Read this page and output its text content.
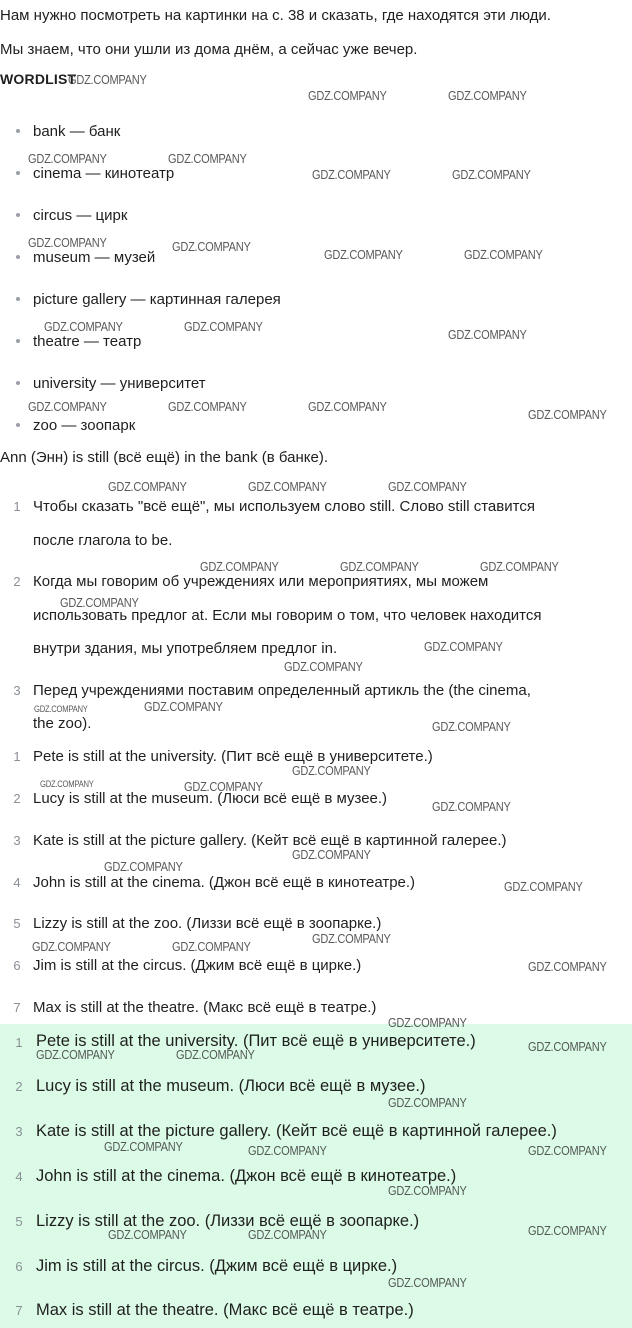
Нам нужно посмотреть на картинки на с. 38 и сказать, где находятся эти люди.
Мы знаем, что они ушли из дома днём, а сейчас уже вечер.
WORDLIST
bank — банк
cinema — кинотеатр
circus — цирк
museum — музей
picture gallery — картинная галерея
theatre — театр
university — университет
zoo — зоопарк
Ann (Энн) is still (всё ещё) in the bank (в банке).
1 Чтобы сказать "всё ещё", мы используем слово still. Слово still ставится
после глагола to be.
2 Когда мы говорим об учреждениях или мероприятиях, мы можем
использовать предлог at. Если мы говорим о том, что человек находится
внутри здания, мы употребляем предлог in.
3 Перед учреждениями поставим определенный артикль the (the cinema,
the zoo).
1 Pete is still at the university. (Пит всё ещё в университете.)
2 Lucy is still at the museum. (Люси всё ещё в музее.)
3 Kate is still at the picture gallery. (Кейт всё ещё в картинной галерее.)
4 John is still at the cinema. (Джон всё ещё в кинотеатре.)
5 Lizzy is still at the zoo. (Лиззи всё ещё в зоопарке.)
6 Jim is still at the circus. (Джим всё ещё в цирке.)
7 Max is still at the theatre. (Макс всё ещё в театре.)
1 Pete is still at the university. (Пит всё ещё в университете.)
2 Lucy is still at the museum. (Люси всё ещё в музее.)
3 Kate is still at the picture gallery. (Кейт всё ещё в картинной галерее.)
4 John is still at the cinema. (Джон всё ещё в кинотеатре.)
5 Lizzy is still at the zoo. (Лиззи всё ещё в зоопарке.)
6 Jim is still at the circus. (Джим всё ещё в цирке.)
7 Max is still at the theatre. (Макс всё ещё в театре.)
GDZ.COMPANY
GDZ.COMPANY	GDZ.COMPANY
GDZ.COMPANY	GDZ.COMPANY
GDZ.COMPANY	GDZ.COMPANY
GDZ.COMPANY	GDZ.COMPANY
GDZ.COMPANY	GDZ.COMPANY
GDZ.COMPANY	GDZ.COMPANY
GDZ.COMPANY
GDZ.COMPANY	GDZ.COMPANY	GDZ.COMPANY
GDZ.COMPANY
GDZ.COMPANY	GDZ.COMPANY	GDZ.COMPANY
GDZ.COMPANY	GDZ.COMPANY	GDZ.COMPANY
GDZ.COMPANY
GDZ.COMPANY
GDZ.COMPANY
GDZ.COMPANY
GDZ.COMPANY
GDZ.COMPANY
GDZ.COMPANY
GDZ.COMPANY
GDZ.COMPANY
GDZ.COMPANY
GDZ.COMPANY
GDZ.COMPANY
GDZ.COMPANY	GDZ.COMPANY
GDZ.COMPANY
GDZ.COMPANY
GDZ.COMPANY
GDZ.COMPANY	GDZ.COMPANY
GDZ.COMPANY
GDZ.COMPANY	GDZ.COMPANY	GDZ.COMPANY
GDZ.COMPANY
GDZ.COMPANY	GDZ.COMPANY	GDZ.COMPANY
GDZ.COMPANY
GDZ.COMPANY
GDZ.COMPANY
